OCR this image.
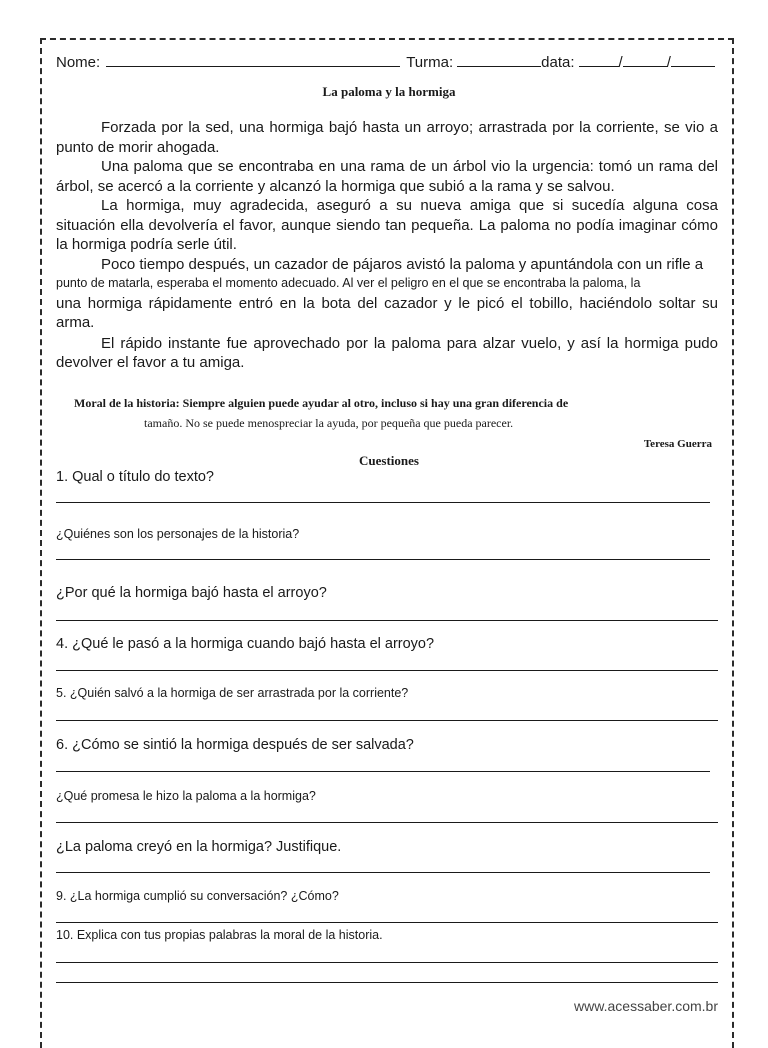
Nome:	Turma:	data:	/	/
La paloma y la hormiga

Forzada por la sed, una hormiga bajó hasta un arroyo; arrastrada por la corriente, se vio a punto de morir ahogada.

Una paloma que se encontraba en una rama de un árbol vio la urgencia: tomó un rama del árbol, se acercó a la corriente y alcanzó la hormiga que subió a la rama y se salvou.

La hormiga, muy agradecida, aseguró a su nueva amiga que si sucedía alguna cosa situación ella devolvería el favor, aunque siendo tan pequeña. La paloma no podía imaginar cómo la hormiga podría serle útil.

Poco tiempo después, un cazador de pájaros avistó la paloma y apuntándola con un rifle a

punto de matarla, esperaba el momento adecuado. Al ver el peligro en el que se encontraba la paloma, la

una hormiga rápidamente entró en la bota del cazador y le picó el tobillo, haciéndolo soltar su arma.

El rápido instante fue aprovechado por la paloma para alzar vuelo, y así la hormiga pudo devolver el favor a tu amiga.

Moral de la historia: Siempre alguien puede ayudar al otro, incluso si hay una gran diferencia de
tamaño. No se puede menospreciar la ayuda, por pequeña que pueda parecer.
Teresa Guerra
Cuestiones
1. Qual o título do texto?
¿Quiénes son los personajes de la historia?
¿Por qué la hormiga bajó hasta el arroyo?
4. ¿Qué le pasó a la hormiga cuando bajó hasta el arroyo?
5. ¿Quién salvó a la hormiga de ser arrastrada por la corriente?
6. ¿Cómo se sintió la hormiga después de ser salvada?
¿Qué promesa le hizo la paloma a la hormiga?
¿La paloma creyó en la hormiga? Justifique.
9. ¿La hormiga cumplió su conversación? ¿Cómo?
10. Explica con tus propias palabras la moral de la historia.
www.acessaber.com.br
